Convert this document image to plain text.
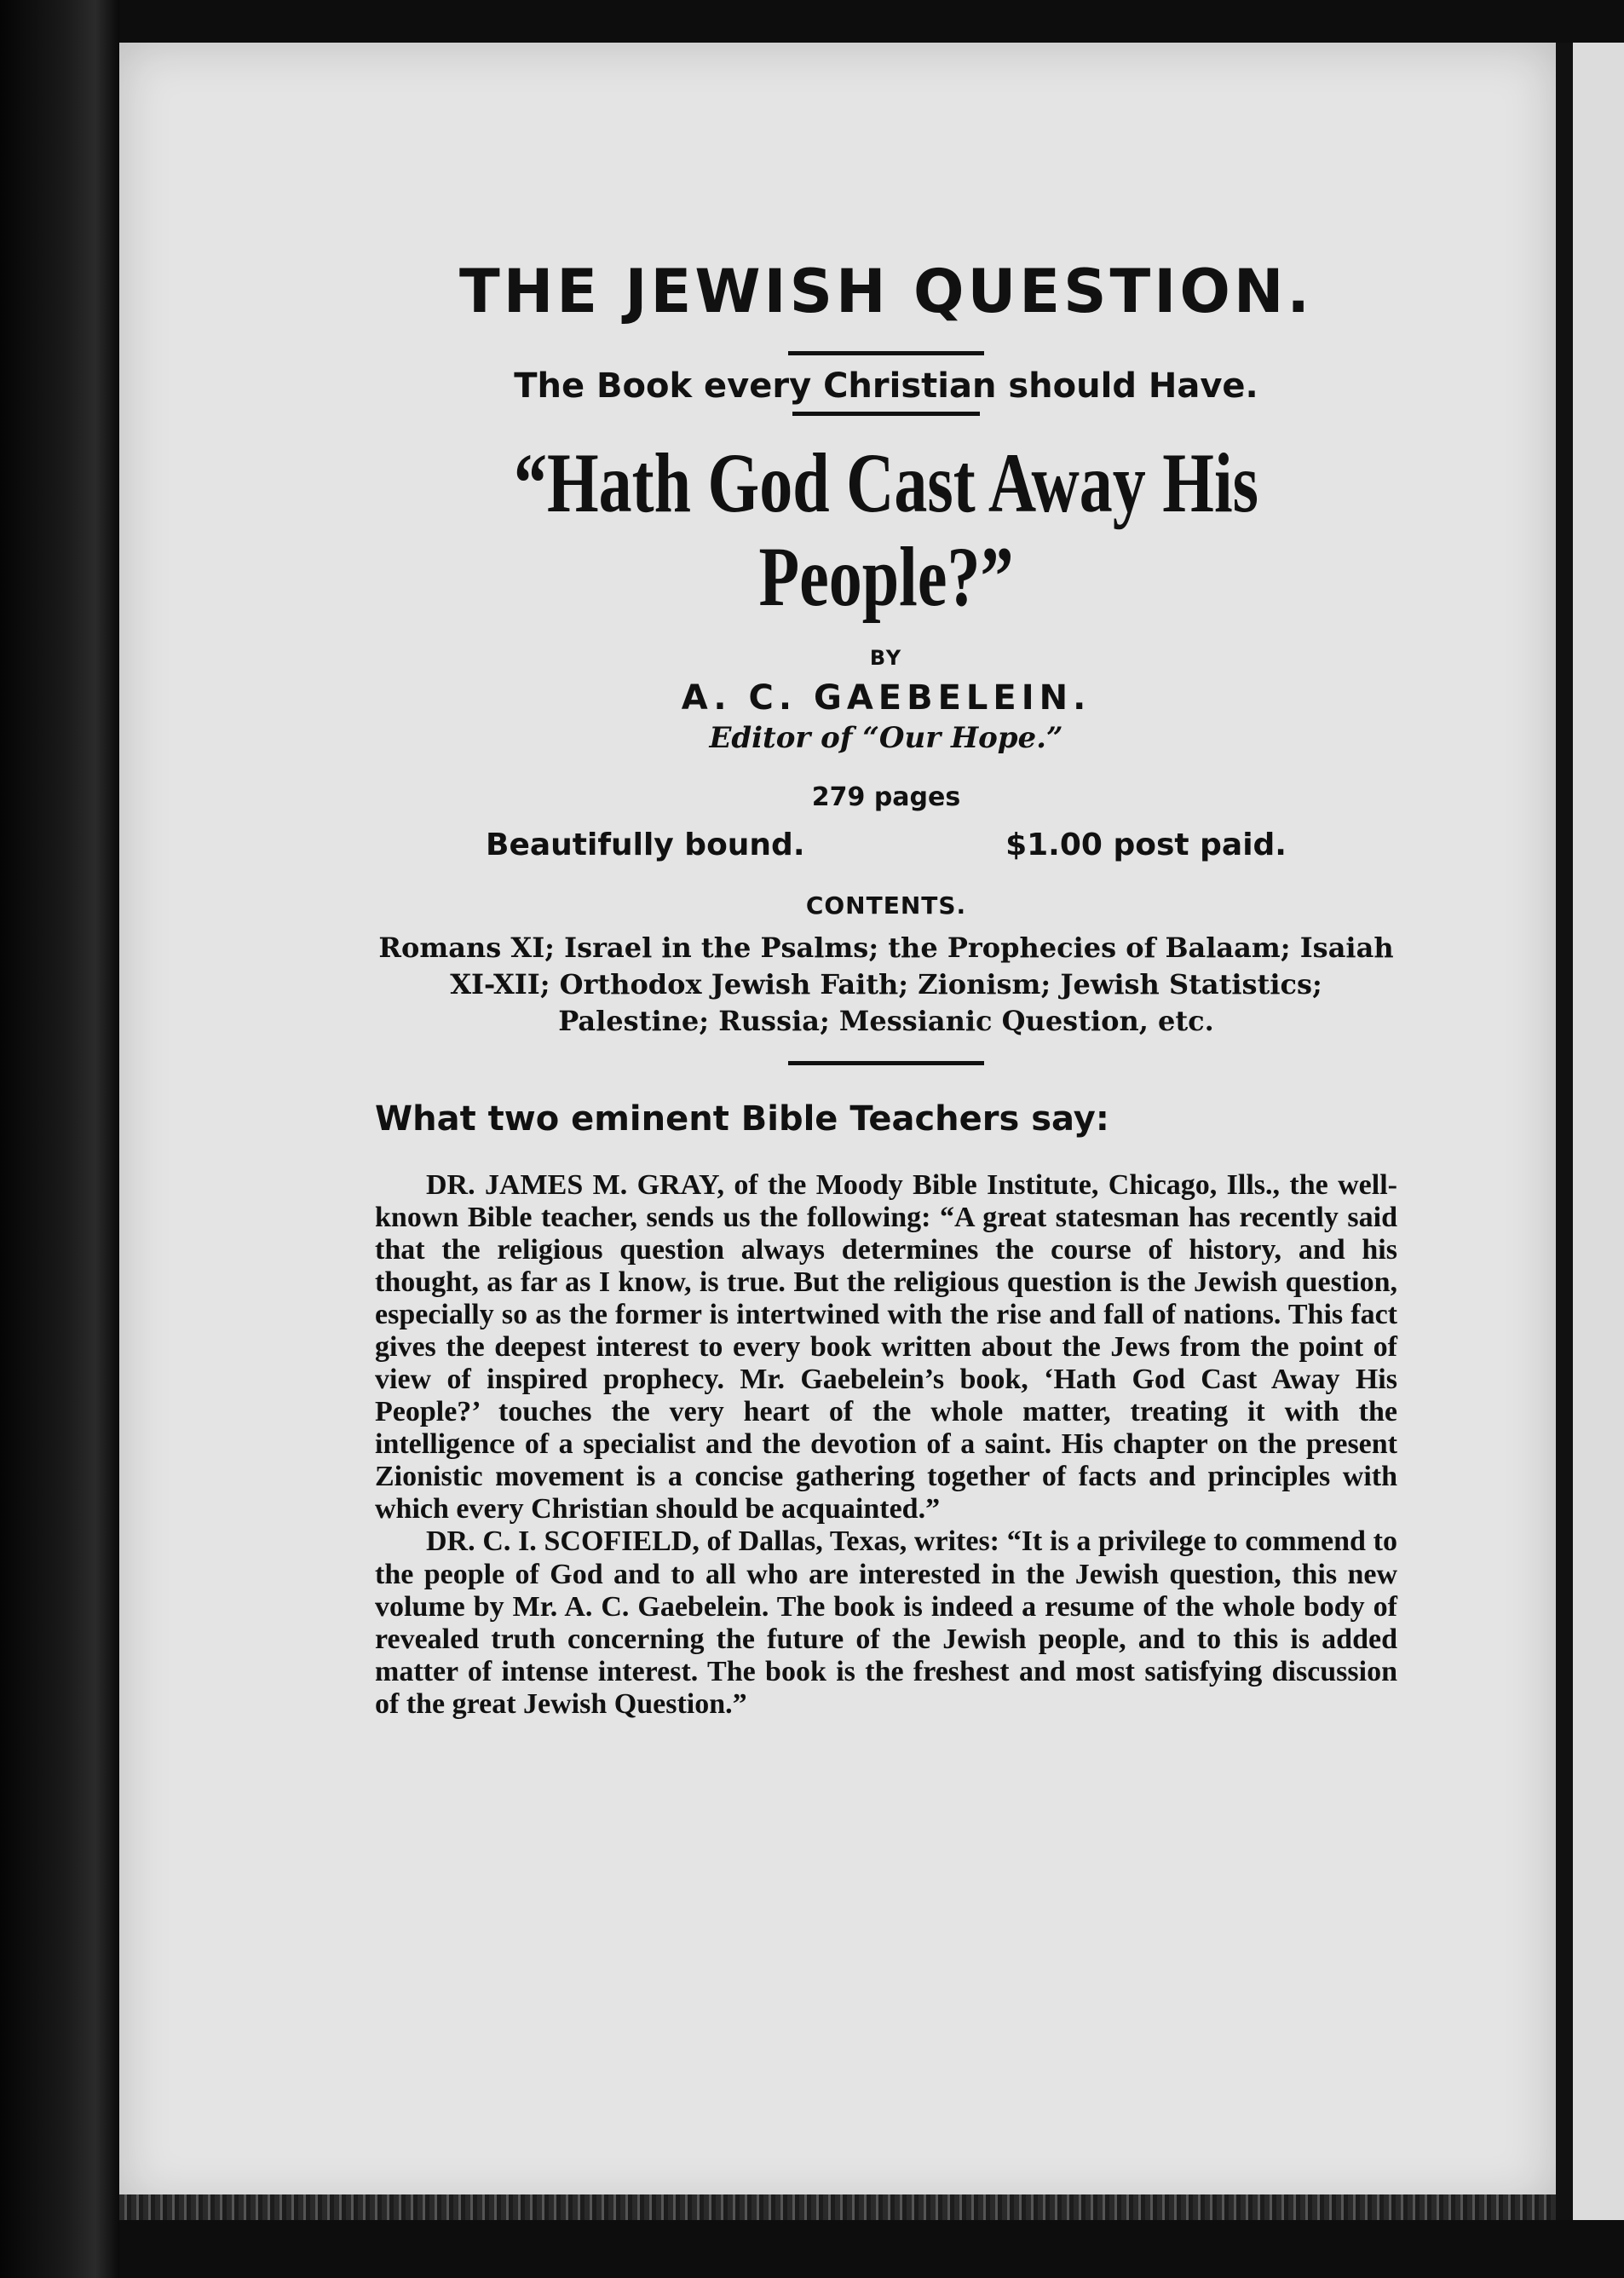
THE JEWISH QUESTION.
The Book every Christian should Have.
“Hath God Cast Away His People?”
BY
A. C. GAEBELEIN.
Editor of “Our Hope.”
279 pages
Beautifully bound.	$1.00 post paid.
CONTENTS.
Romans XI; Israel in the Psalms; the Prophecies of Balaam; Isaiah XI-XII; Orthodox Jewish Faith; Zionism; Jewish Statistics; Palestine; Russia; Messianic Question, etc.
What two eminent Bible Teachers say:

DR. JAMES M. GRAY, of the Moody Bible Institute, Chicago, Ills., the well-known Bible teacher, sends us the following: “A great statesman has recently said that the religious question always determines the course of history, and his thought, as far as I know, is true. But the religious question is the Jewish question, especially so as the former is intertwined with the rise and fall of nations. This fact gives the deepest interest to every book written about the Jews from the point of view of inspired prophecy. Mr. Gaebelein’s book, ‘Hath God Cast Away His People?’ touches the very heart of the whole matter, treating it with the intelligence of a specialist and the devotion of a saint. His chapter on the present Zionistic movement is a concise gathering together of facts and principles with which every Christian should be acquainted.”

DR. C. I. SCOFIELD, of Dallas, Texas, writes: “It is a privilege to commend to the people of God and to all who are interested in the Jewish question, this new volume by Mr. A. C. Gaebelein. The book is indeed a resume of the whole body of revealed truth concerning the future of the Jewish people, and to this is added matter of intense interest. The book is the freshest and most satisfying discussion of the great Jewish Question.”
